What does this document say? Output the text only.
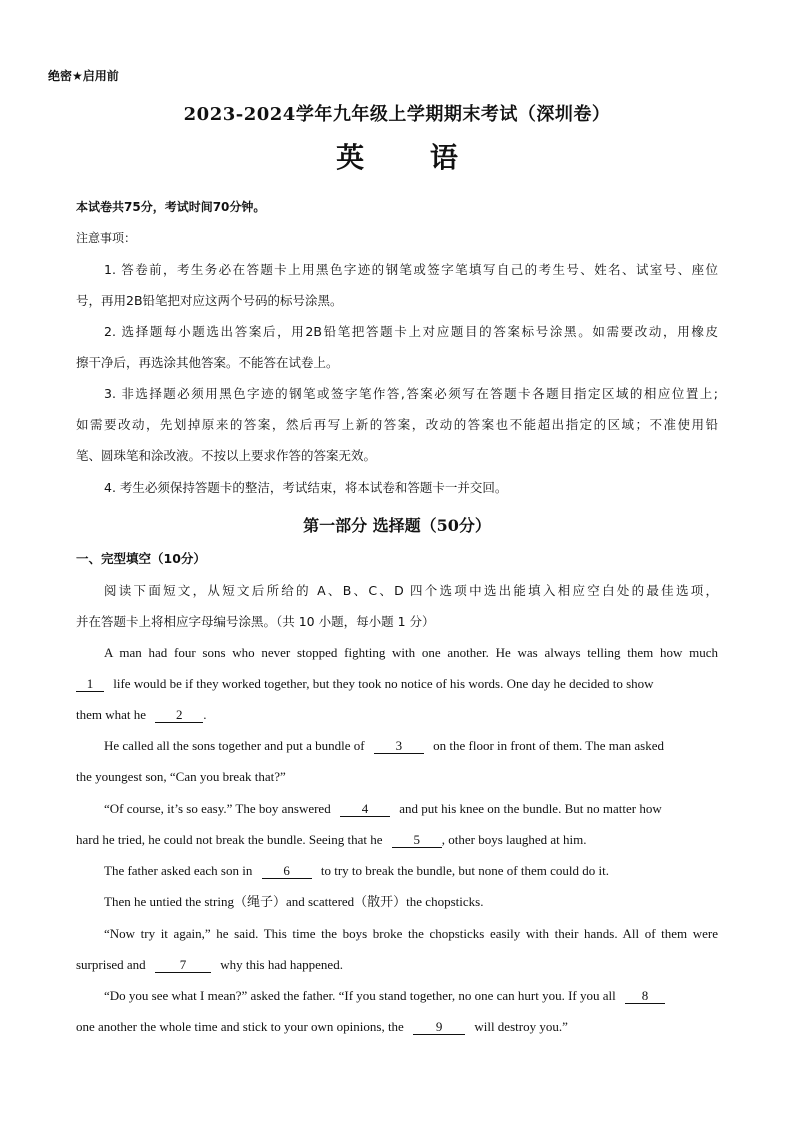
绝密★启用前
2023-2024学年九年级上学期期末考试（深圳卷）
英 语
本试卷共75分，考试时间70分钟。
注意事项：
1. 答卷前，考生务必在答题卡上用黑色字迹的钢笔或签字笔填写自己的考生号、姓名、试室号、座位
号，再用2B铅笔把对应这两个号码的标号涂黑。
2. 选择题每小题选出答案后，用2B铅笔把答题卡上对应题目的答案标号涂黑。如需要改动，用橡皮
擦干净后，再选涂其他答案。不能答在试卷上。
3. 非选择题必须用黑色字迹的钢笔或签字笔作答,答案必须写在答题卡各题目指定区域的相应位置上;
如需要改动，先划掉原来的答案，然后再写上新的答案，改动的答案也不能超出指定的区域；不准使用铅
笔、圆珠笔和涂改液。不按以上要求作答的答案无效。
4. 考生必须保持答题卡的整洁，考试结束，将本试卷和答题卡一并交回。
第一部分 选择题（50分）
一、完型填空（10分）
阅读下面短文，从短文后所给的 A、B、C、D 四个选项中选出能填入相应空白处的最佳选项，
并在答题卡上将相应字母编号涂黑。（共 10 小题，每小题 1 分）
A man had four sons who never stopped fighting with one another. He was always telling them how much
1 life would be if they worked together, but they took no notice of his words. One day he decided to show
them what he 2 .
He called all the sons together and put a bundle of 3 on the floor in front of them. The man asked
the youngest son, “Can you break that?”
“Of course, it’s so easy.” The boy answered 4 and put his knee on the bundle. But no matter how
hard he tried, he could not break the bundle. Seeing that he 5 , other boys laughed at him.
The father asked each son in 6 to try to break the bundle, but none of them could do it.
Then he untied the string（绳子）and scattered（散开）the chopsticks.
“Now try it again,” he said. This time the boys broke the chopsticks easily with their hands. All of them were
surprised and	7	why this had happened.
“Do you see what I mean?” asked the father. “If you stand together, no one can hurt you. If you all 8
one another the whole time and stick to your own opinions, the 9 will destroy you.”
